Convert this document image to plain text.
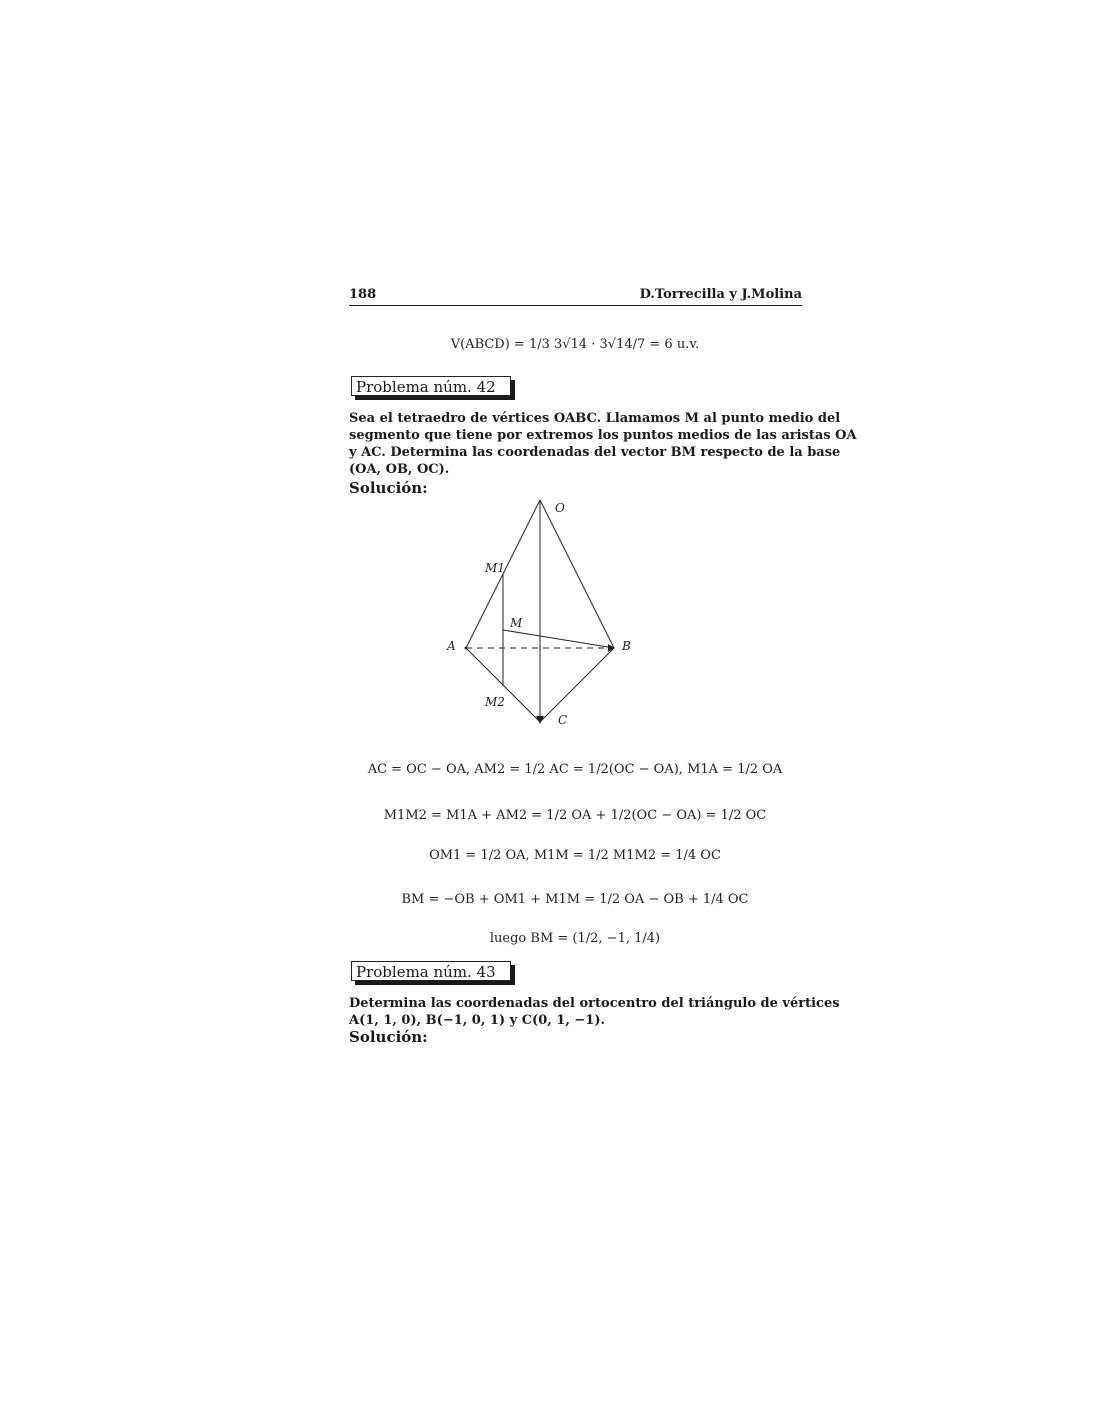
188	D.Torrecilla y J.Molina
V(ABCD) = 1/3 3√14 · 3√14/7 = 6 u.v.
Problema núm. 42
Sea el tetraedro de vértices OABC. Llamamos M al punto medio del
segmento que tiene por extremos los puntos medios de las aristas OA
y AC. Determina las coordenadas del vector BM respecto de la base
(OA, OB, OC).
Solución:
O
M1
M
A	B
M2
C
AC = OC − OA, AM2 = 1/2 AC = 1/2(OC − OA), M1A = 1/2 OA
M1M2 = M1A + AM2 = 1/2 OA + 1/2(OC − OA) = 1/2 OC
OM1 = 1/2 OA, M1M = 1/2 M1M2 = 1/4 OC
BM = −OB + OM1 + M1M = 1/2 OA − OB + 1/4 OC
luego BM = (1/2, −1, 1/4)
Problema núm. 43
Determina las coordenadas del ortocentro del triángulo de vértices
A(1, 1, 0), B(−1, 0, 1) y C(0, 1, −1).
Solución:
